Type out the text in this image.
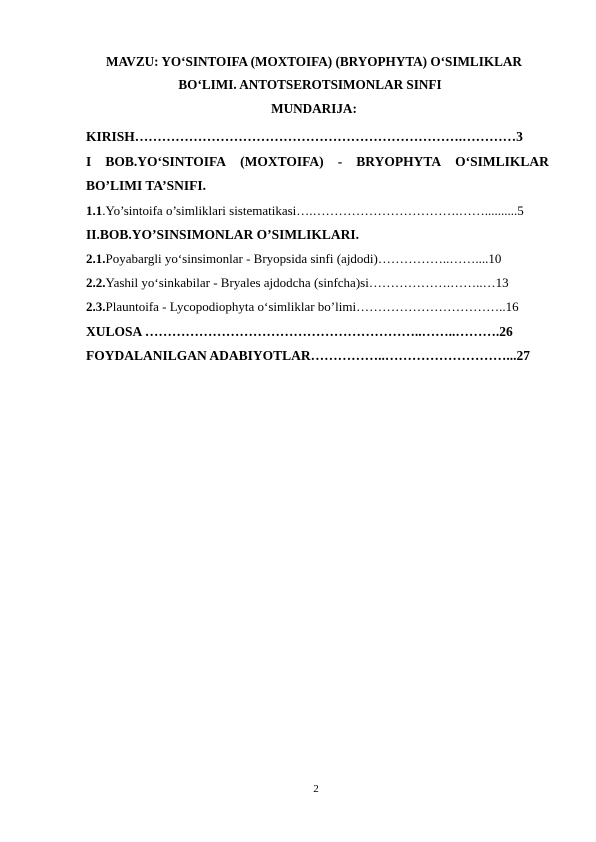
MAVZU: YO‘SINTOIFA (MOXTOIFA) (BRYOPHYTA) O‘SIMLIKLAR
BO‘LIMI. ANTOTSEROTSIMONLAR SINFI
MUNDARIJA:
KIRISH……………………………………………………………….…………3
I BOB.YO‘SINTOIFA (MOXTOIFA) - BRYOPHYTA O‘SIMLIKLAR
BO’LIMI TA’SNIFI.
1.1.Yo’sintoifa o’simliklari sistematikasi….…………………………….……..........5
II.BOB.YO’SINSIMONLAR O’SIMLIKLARI.
2.1.Poyabargli yo‘sinsimonlar - Bryopsida sinfi (ajdodi)……………..……....10
2.2.Yashil yo‘sinkabilar - Bryales ajdodcha (sinfcha)si……………….……..…13
2.3.Plauntoifa - Lycopodiophyta o‘simliklar bo’limi……………………………..16
XULOSA ……………………………………………………..……..……….26
FOYDALANILGAN ADABIYOTLAR……………..………………………...27
2
